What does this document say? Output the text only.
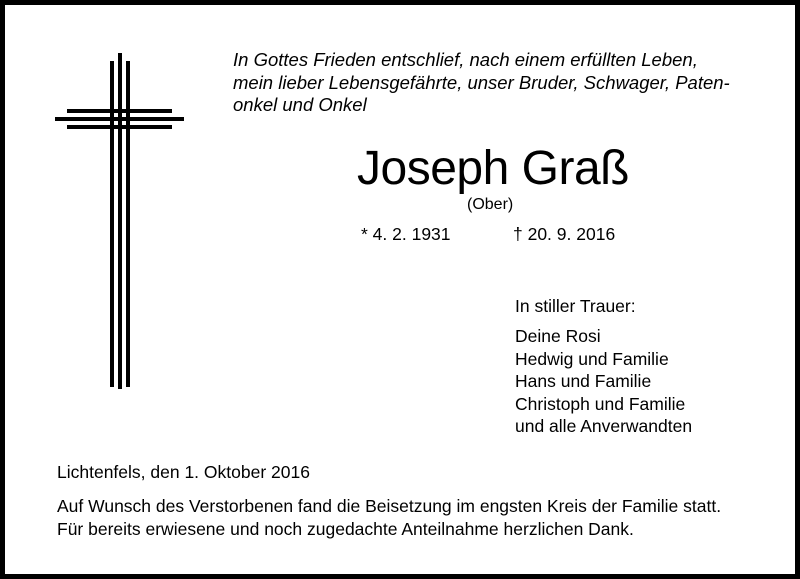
In Gottes Frieden entschlief, nach einem erfüllten Leben,
mein lieber Lebensgefährte, unser Bruder, Schwager, Paten-
onkel und Onkel
Joseph Graß
(Ober)
* 4. 2. 1931	† 20. 9. 2016
In stiller Trauer:
Deine Rosi
Hedwig und Familie
Hans und Familie
Christoph und Familie
und alle Anverwandten
Lichtenfels, den 1. Oktober 2016
Auf Wunsch des Verstorbenen fand die Beisetzung im engsten Kreis der Familie statt.
Für bereits erwiesene und noch zugedachte Anteilnahme herzlichen Dank.
